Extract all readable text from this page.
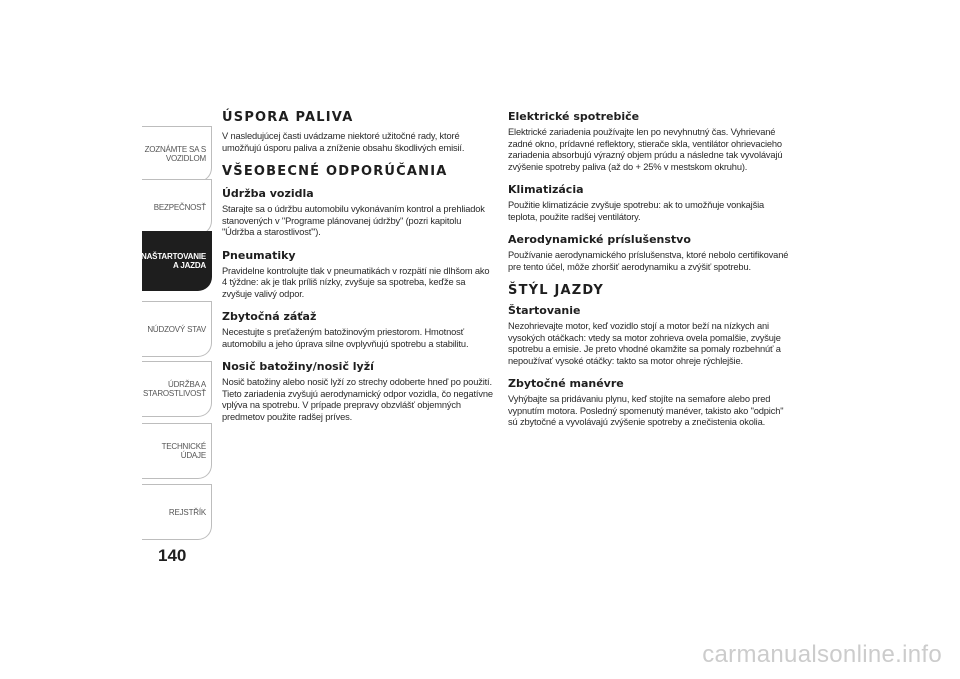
ZOZNÁMTE SA S
VOZIDLOM
BEZPEČNOSŤ
NAŠTARTOVANIE
A JAZDA
NÚDZOVÝ STAV
ÚDRŽBA A
STAROSTLIVOSŤ
TECHNICKÉ ÚDAJE
REJSTŘÍK
140
ÚSPORA PALIVA

V nasledujúcej časti uvádzame niektoré užitočné rady, ktoré umožňujú úsporu paliva a zníženie obsahu škodlivých emisií.

VŠEOBECNÉ ODPORÚČANIA
Údržba vozidla

Starajte sa o údržbu automobilu vykonávaním kontrol a prehliadok stanovených v "Programe plánovanej údržby" (pozri kapitolu "Údržba a starostlivosť").

Pneumatiky

Pravidelne kontrolujte tlak v pneumatikách v rozpätí nie dlhšom ako 4 týždne: ak je tlak príliš nízky, zvyšuje sa spotreba, keďže sa zvyšuje valivý odpor.

Zbytočná záťaž

Necestujte s preťaženým batožinovým priestorom. Hmotnosť automobilu a jeho úprava silne ovplyvňujú spotrebu a stabilitu.

Nosič batožiny/nosič lyží

Nosič batožiny alebo nosič lyží zo strechy odoberte hneď po použití. Tieto zariadenia zvyšujú aerodynamický odpor vozidla, čo negatívne vplýva na spotrebu. V prípade prepravy obzvlášť objemných predmetov použite radšej príves.

Elektrické spotrebiče

Elektrické zariadenia používajte len po nevyhnutný čas. Vyhrievané zadné okno, prídavné reflektory, stierače skla, ventilátor ohrievacieho zariadenia absorbujú výrazný objem prúdu a následne tak vyvolávajú zvýšenie spotreby paliva (až do + 25% v mestskom okruhu).

Klimatizácia

Použitie klimatizácie zvyšuje spotrebu: ak to umožňuje vonkajšia teplota, použite radšej ventilátory.

Aerodynamické príslušenstvo

Používanie aerodynamického príslušenstva, ktoré nebolo certifikované pre tento účel, môže zhoršiť aerodynamiku a zvýšiť spotrebu.

ŠTÝL JAZDY
Štartovanie

Nezohrievajte motor, keď vozidlo stojí a motor beží na nízkych ani vysokých otáčkach: vtedy sa motor zohrieva ovela pomalšie, zvyšuje spotrebu a emisie. Je preto vhodné okamžite sa pomaly rozbehnúť a nepoužívať vysoké otáčky: takto sa motor ohreje rýchlejšie.

Zbytočné manévre

Vyhýbajte sa pridávaniu plynu, keď stojíte na semafore alebo pred vypnutím motora. Posledný spomenutý manéver, takisto ako "odpich" sú zbytočné a vyvolávajú zvýšenie spotreby a znečistenia okolia.

carmanualsonline.info
